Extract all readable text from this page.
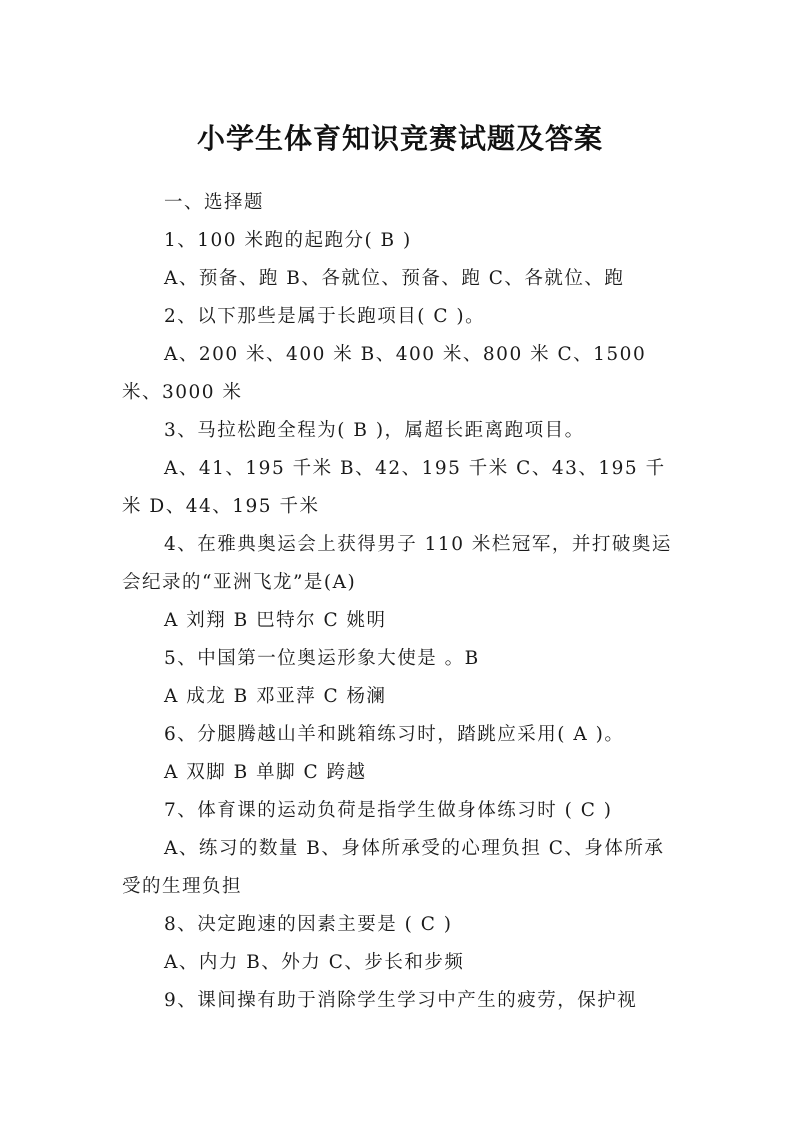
小学生体育知识竞赛试题及答案

一、选择题

1、100 米跑的起跑分( B )

A、预备、跑 B、各就位、预备、跑 C、各就位、跑

2、以下那些是属于长跑项目( C )。

A、200 米、400 米 B、400 米、800 米 C、1500 米、3000 米

3、马拉松跑全程为( B )，属超长距离跑项目。

A、41、195 千米 B、42、195 千米 C、43、195 千米 D、44、195 千米

4、在雅典奥运会上获得男子 110 米栏冠军，并打破奥运会纪录的“亚洲飞龙”是(A)

A 刘翔 B 巴特尔 C 姚明

5、中国第一位奥运形象大使是 。B

A 成龙 B 邓亚萍 C 杨澜

6、分腿腾越山羊和跳箱练习时，踏跳应采用( A )。

A 双脚 B 单脚 C 跨越

7、体育课的运动负荷是指学生做身体练习时 ( C )

A、练习的数量 B、身体所承受的心理负担 C、身体所承受的生理负担

8、决定跑速的因素主要是 ( C )

A、内力 B、外力 C、步长和步频

9、课间操有助于消除学生学习中产生的疲劳，保护视
